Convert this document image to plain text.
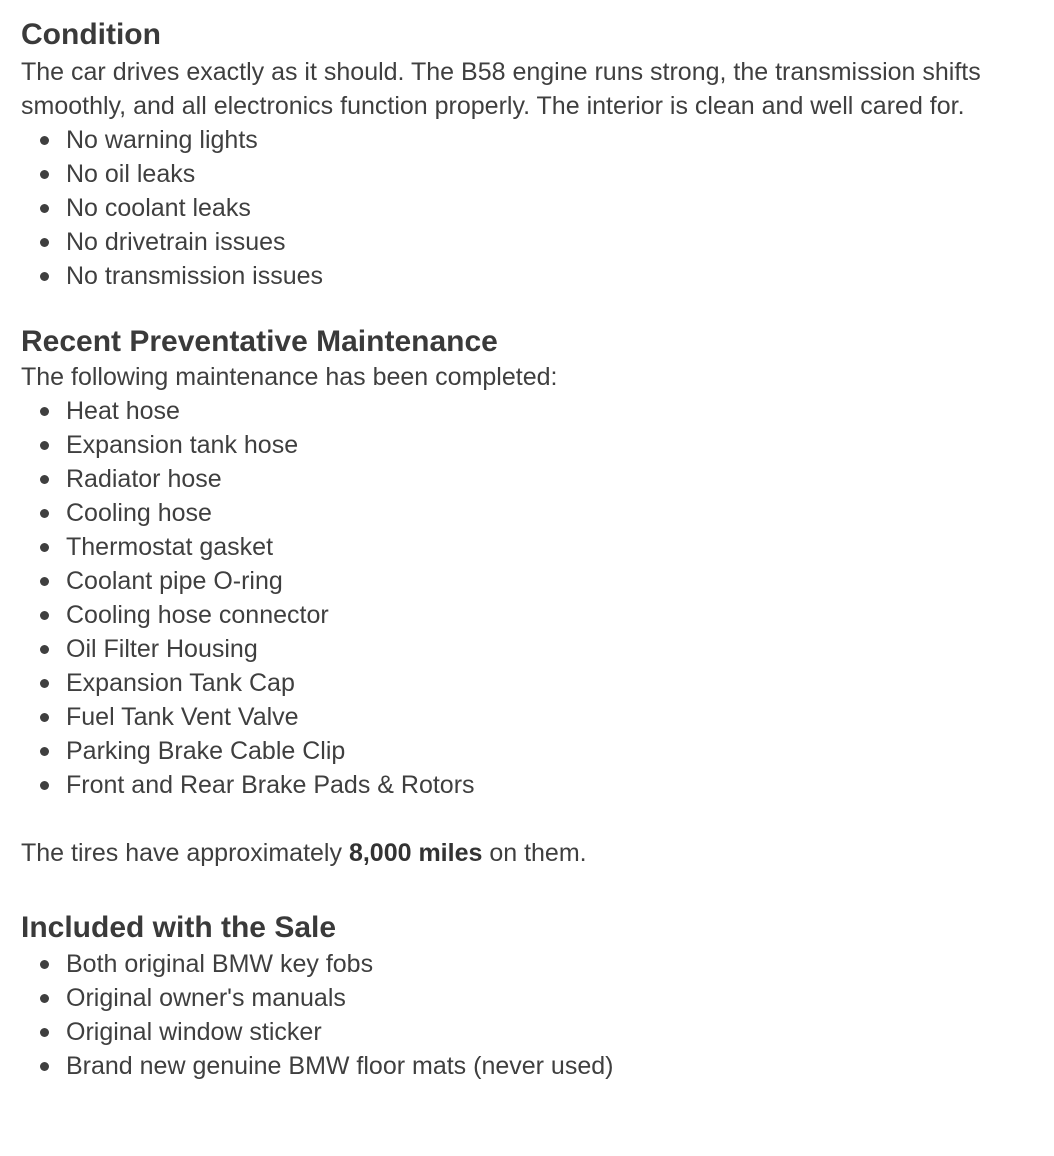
Condition

The car drives exactly as it should. The B58 engine runs strong, the transmission shifts smoothly, and all electronics function properly. The interior is clean and well cared for.

No warning lights
No oil leaks
No coolant leaks
No drivetrain issues
No transmission issues
Recent Preventative Maintenance

The following maintenance has been completed:

Heat hose
Expansion tank hose
Radiator hose
Cooling hose
Thermostat gasket
Coolant pipe O-ring
Cooling hose connector
Oil Filter Housing
Expansion Tank Cap
Fuel Tank Vent Valve
Parking Brake Cable Clip
Front and Rear Brake Pads & Rotors

The tires have approximately 8,000 miles on them.

Included with the Sale
Both original BMW key fobs
Original owner's manuals
Original window sticker
Brand new genuine BMW floor mats (never used)
